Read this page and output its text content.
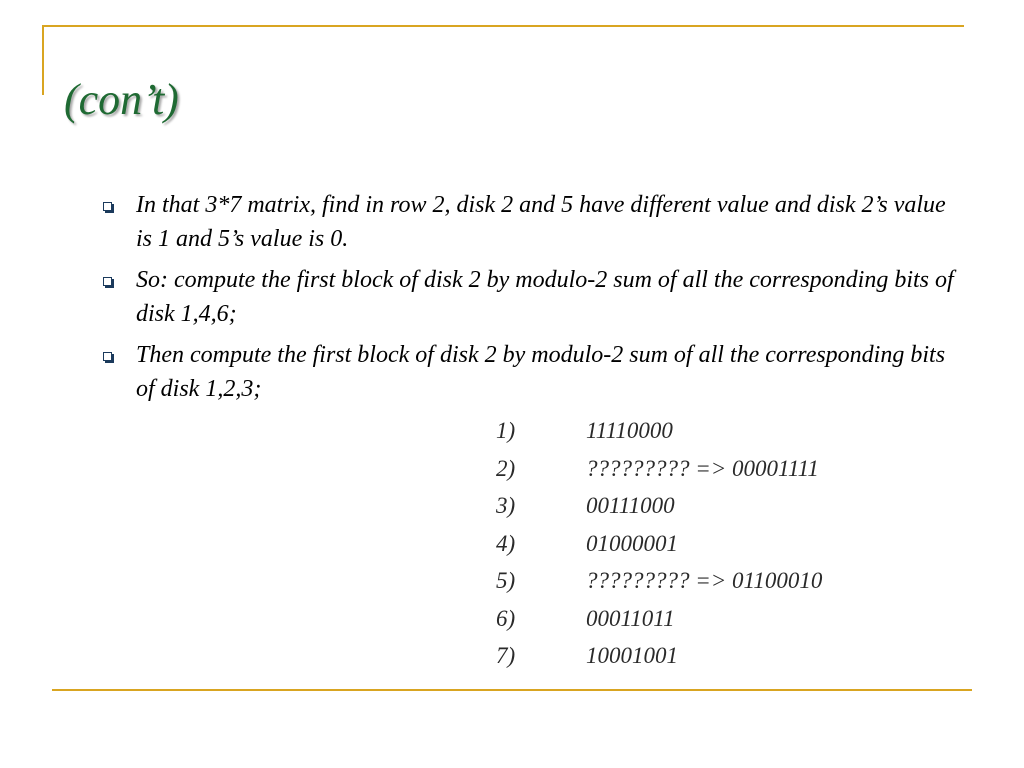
(con’t)
In that 3*7 matrix, find in row 2, disk 2 and 5 have different value and disk 2’s value is 1 and 5’s value is 0.
So: compute the first block of disk 2 by modulo-2 sum of all the corresponding bits of disk 1,4,6;
Then compute the first block of disk 2 by modulo-2 sum of all the corresponding bits of disk 1,2,3;
1)	11110000
2)	????????? => 00001111
3)	00111000
4)	01000001
5)	????????? => 01100010
6)	00011011
7)	10001001
